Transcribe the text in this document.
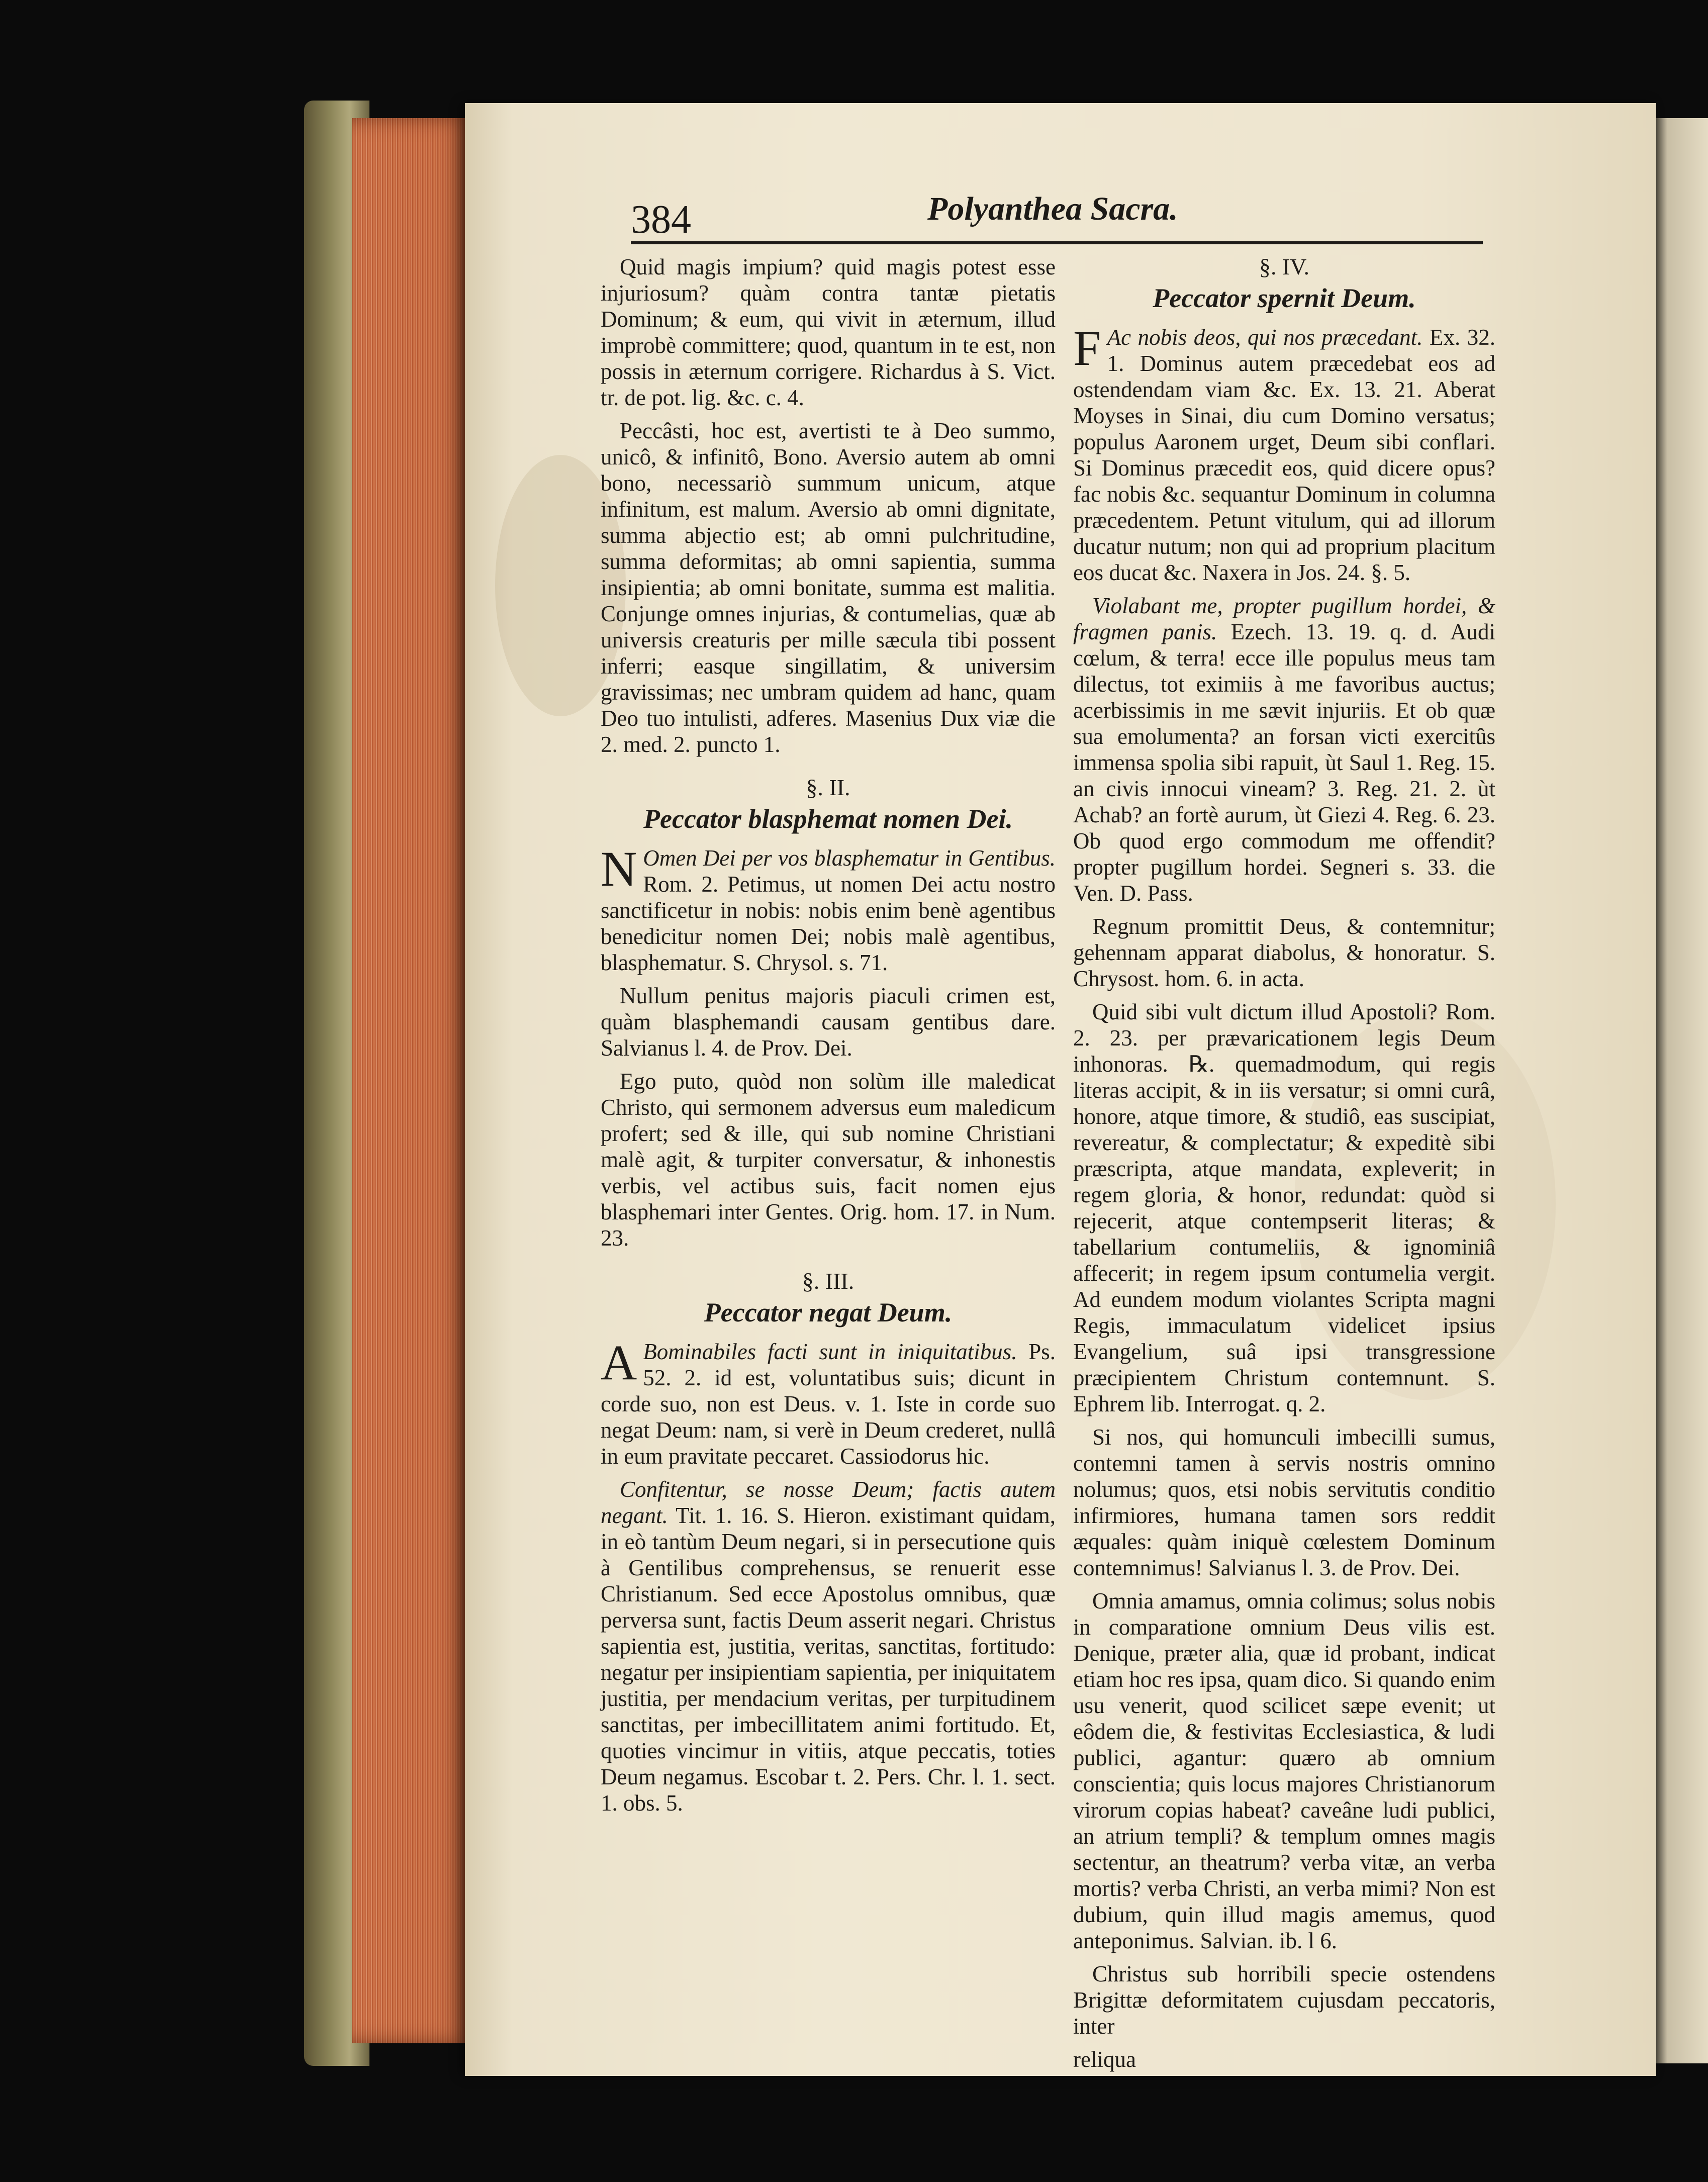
384	Polyanthea Sacra.

Quid magis impium? quid magis potest esse injuriosum? quàm contra tantæ pietatis Dominum; & eum, qui vivit in æternum, illud improbè committere; quod, quantum in te est, non possis in æternum corrigere. Richardus à S. Vict. tr. de pot. lig. &c. c. 4.

Peccâsti, hoc est, avertisti te à Deo summo, unicô, & infinitô, Bono. Aversio autem ab omni bono, necessariò summum unicum, atque infinitum, est malum. Aversio ab omni dignitate, summa abjectio est; ab omni pulchritudine, summa deformitas; ab omni sapientia, summa insipientia; ab omni bonitate, summa est malitia. Conjunge omnes injurias, & contumelias, quæ ab universis creaturis per mille sæcula tibi possent inferri; easque singillatim, & universim gravissimas; nec umbram quidem ad hanc, quam Deo tuo intulisti, adferes. Masenius Dux viæ die 2. med. 2. puncto 1.

§. II.
Peccator blasphemat nomen Dei.

N Omen Dei per vos blasphematur in Gentibus. Rom. 2. Petimus, ut nomen Dei actu nostro sanctificetur in nobis: nobis enim benè agentibus benedicitur nomen Dei; nobis malè agentibus, blasphematur. S. Chrysol. s. 71.

Nullum penitus majoris piaculi crimen est, quàm blasphemandi causam gentibus dare. Salvianus l. 4. de Prov. Dei.

Ego puto, quòd non solùm ille maledicat Christo, qui sermonem adversus eum maledicum profert; sed & ille, qui sub nomine Christiani malè agit, & turpiter conversatur, & inhonestis verbis, vel actibus suis, facit nomen ejus blasphemari inter Gentes. Orig. hom. 17. in Num. 23.

§. III.
Peccator negat Deum.

A Bominabiles facti sunt in iniquitatibus. Ps. 52. 2. id est, voluntatibus suis; dicunt in corde suo, non est Deus. v. 1. Iste in corde suo negat Deum: nam, si verè in Deum crederet, nullâ in eum pravitate peccaret. Cassiodorus hic.

Confitentur, se nosse Deum; factis autem negant. Tit. 1. 16. S. Hieron. existimant quidam, in eò tantùm Deum negari, si in persecutione quis à Gentilibus comprehensus, se renuerit esse Christianum. Sed ecce Apostolus omnibus, quæ perversa sunt, factis Deum asserit negari. Christus sapientia est, justitia, veritas, sanctitas, fortitudo: negatur per insipientiam sapientia, per iniquitatem justitia, per mendacium veritas, per turpitudinem sanctitas, per imbecillitatem animi fortitudo. Et, quoties vincimur in vitiis, atque peccatis, toties Deum negamus. Escobar t. 2. Pers. Chr. l. 1. sect. 1. obs. 5.

§. IV.
Peccator spernit Deum.

F Ac nobis deos, qui nos præcedant. Ex. 32. 1. Dominus autem præcedebat eos ad ostendendam viam &c. Ex. 13. 21. Aberat Moyses in Sinai, diu cum Domino versatus; populus Aaronem urget, Deum sibi conflari. Si Dominus præcedit eos, quid dicere opus? fac nobis &c. sequantur Dominum in columna præcedentem. Petunt vitulum, qui ad illorum ducatur nutum; non qui ad proprium placitum eos ducat &c. Naxera in Jos. 24. §. 5.

Violabant me, propter pugillum hordei, & fragmen panis. Ezech. 13. 19. q. d. Audi cœlum, & terra! ecce ille populus meus tam dilectus, tot eximiis à me favoribus auctus; acerbissimis in me sævit injuriis. Et ob quæ sua emolumenta? an forsan victi exercitûs immensa spolia sibi rapuit, ùt Saul 1. Reg. 15. an civis innocui vineam? 3. Reg. 21. 2. ùt Achab? an fortè aurum, ùt Giezi 4. Reg. 6. 23. Ob quod ergo commodum me offendit? propter pugillum hordei. Segneri s. 33. die Ven. D. Pass.

Regnum promittit Deus, & contemnitur; gehennam apparat diabolus, & honoratur. S. Chrysost. hom. 6. in acta.

Quid sibi vult dictum illud Apostoli? Rom. 2. 23. per prævaricationem legis Deum inhonoras. ℞. quemadmodum, qui regis literas accipit, & in iis versatur; si omni curâ, honore, atque timore, & studiô, eas suscipiat, revereatur, & complectatur; & expeditè sibi præscripta, atque mandata, expleverit; in regem gloria, & honor, redundat: quòd si rejecerit, atque contempserit literas; & tabellarium contumeliis, & ignominiâ affecerit; in regem ipsum contumelia vergit. Ad eundem modum violantes Scripta magni Regis, immaculatum videlicet ipsius Evangelium, suâ ipsi transgressione præcipientem Christum contemnunt. S. Ephrem lib. Interrogat. q. 2.

Si nos, qui homunculi imbecilli sumus, contemni tamen à servis nostris omnino nolumus; quos, etsi nobis servitutis conditio infirmiores, humana tamen sors reddit æquales: quàm iniquè cœlestem Dominum contemnimus! Salvianus l. 3. de Prov. Dei.

Omnia amamus, omnia colimus; solus nobis in comparatione omnium Deus vilis est. Denique, præter alia, quæ id probant, indicat etiam hoc res ipsa, quam dico. Si quando enim usu venerit, quod scilicet sæpe evenit; ut eôdem die, & festivitas Ecclesiastica, & ludi publici, agantur: quæro ab omnium conscientia; quis locus majores Christianorum virorum copias habeat? caveâne ludi publici, an atrium templi? & templum omnes magis sectentur, an theatrum? verba vitæ, an verba mortis? verba Christi, an verba mimi? Non est dubium, quin illud magis amemus, quod anteponimus. Salvian. ib. l 6.

Christus sub horribili specie ostendens Brigittæ deformitatem cujusdam peccatoris, inter

reliqua
